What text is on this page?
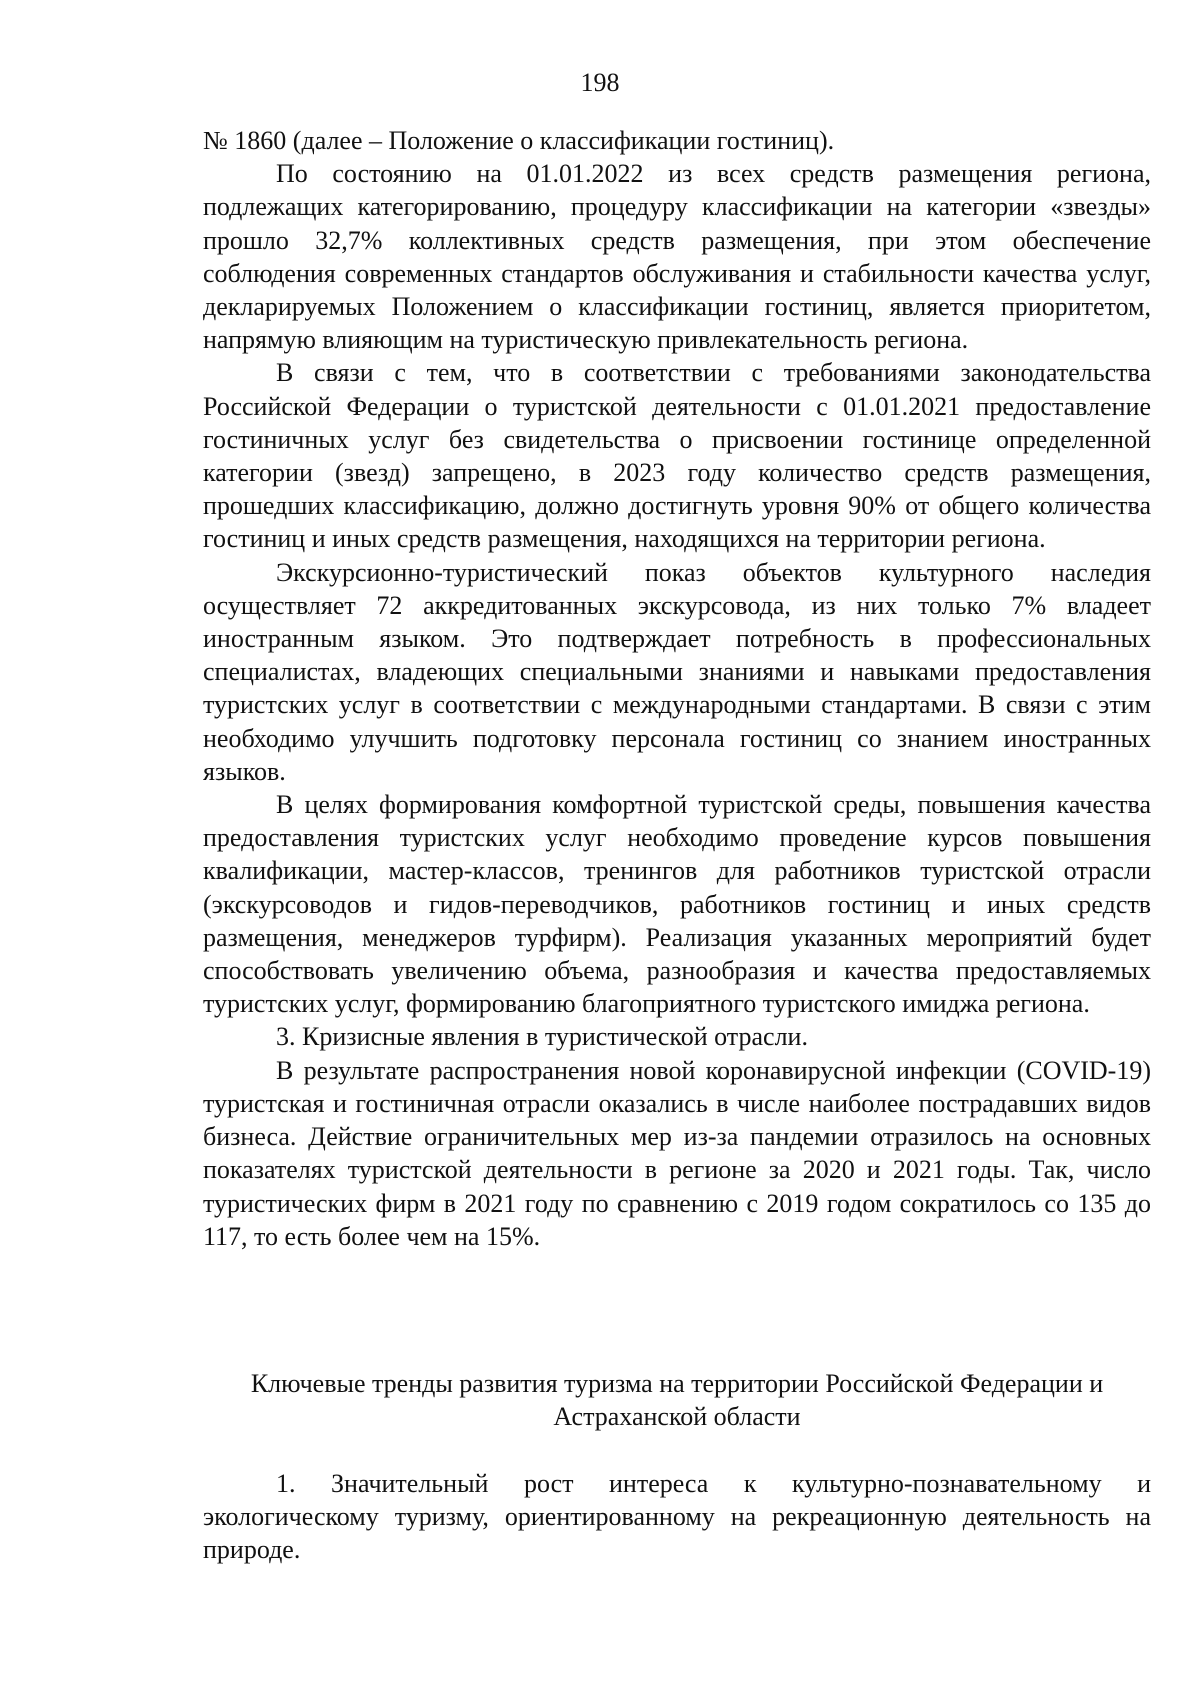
198

№ 1860 (далее – Положение о классификации гостиниц).

По состоянию на 01.01.2022 из всех средств размещения региона, подлежащих категорированию, процедуру классификации на категории «звезды» прошло 32,7% коллективных средств размещения, при этом обеспечение соблюдения современных стандартов обслуживания и стабильности качества услуг, декларируемых Положением о классификации гостиниц, является приоритетом, напрямую влияющим на туристическую привлекательность региона.

В связи с тем, что в соответствии с требованиями законодательства Российской Федерации о туристской деятельности с 01.01.2021 предоставление гостиничных услуг без свидетельства о присвоении гостинице определенной категории (звезд) запрещено, в 2023 году количество средств размещения, прошедших классификацию, должно достигнуть уровня 90% от общего количества гостиниц и иных средств размещения, находящихся на территории региона.

Экскурсионно-туристический показ объектов культурного наследия осуществляет 72 аккредитованных экскурсовода, из них только 7% владеет иностранным языком. Это подтверждает потребность в профессиональных специалистах, владеющих специальными знаниями и навыками предоставления туристских услуг в соответствии с международными стандартами. В связи с этим необходимо улучшить подготовку персонала гостиниц со знанием иностранных языков.

В целях формирования комфортной туристской среды, повышения качества предоставления туристских услуг необходимо проведение курсов повышения квалификации, мастер-классов, тренингов для работников туристской отрасли (экскурсоводов и гидов-переводчиков, работников гостиниц и иных средств размещения, менеджеров турфирм). Реализация указанных мероприятий будет способствовать увеличению объема, разнообразия и качества предоставляемых туристских услуг, формированию благоприятного туристского имиджа региона.

3. Кризисные явления в туристической отрасли.

В результате распространения новой коронавирусной инфекции (COVID-19) туристская и гостиничная отрасли оказались в числе наиболее пострадавших видов бизнеса. Действие ограничительных мер из-за пандемии отразилось на основных показателях туристской деятельности в регионе за 2020 и 2021 годы. Так, число туристических фирм в 2021 году по сравнению с 2019 годом сократилось со 135 до 117, то есть более чем на 15%.

Ключевые тренды развития туризма на территории Российской Федерации и Астраханской области

1. Значительный рост интереса к культурно-познавательному и экологическому туризму, ориентированному на рекреационную деятельность на природе.
